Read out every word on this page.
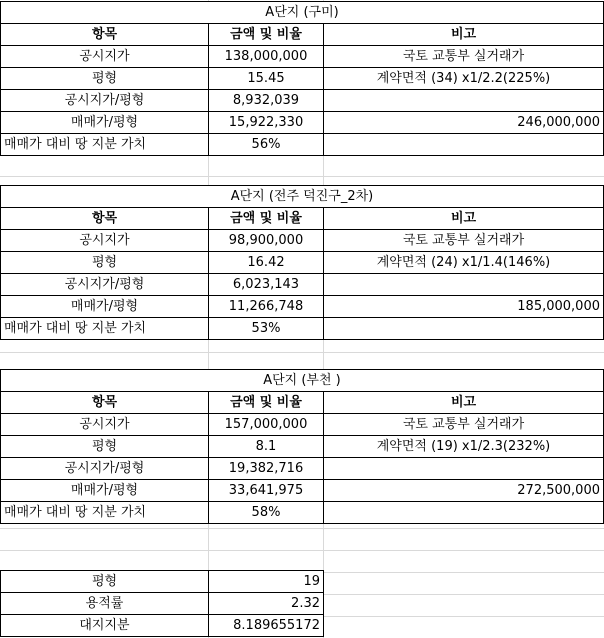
A단지 (구미)		
항목	금액 및 비율	비고
공시지가	138,000,000	국토 교통부 실거래가
평형	15.45	계약면적 (34) x1/2.2(225%)
공시지가/평형	8,932,039	
매매가/평형	15,922,330	246,000,000
매매가 대비 땅 지분 가치	56%	
A단지 (전주 덕진구_2차)		
항목	금액 및 비율	비고
공시지가	98,900,000	국토 교통부 실거래가
평형	16.42	계약면적 (24) x1/1.4(146%)
공시지가/평형	6,023,143	
매매가/평형	11,266,748	185,000,000
매매가 대비 땅 지분 가치	53%	
A단지 (부천 )		
항목	금액 및 비율	비고
공시지가	157,000,000	국토 교통부 실거래가
평형	8.1	계약면적 (19) x1/2.3(232%)
공시지가/평형	19,382,716	
매매가/평형	33,641,975	272,500,000
매매가 대비 땅 지분 가치	58%	
평형	19
용적률	2.32
대지지분	8.189655172
